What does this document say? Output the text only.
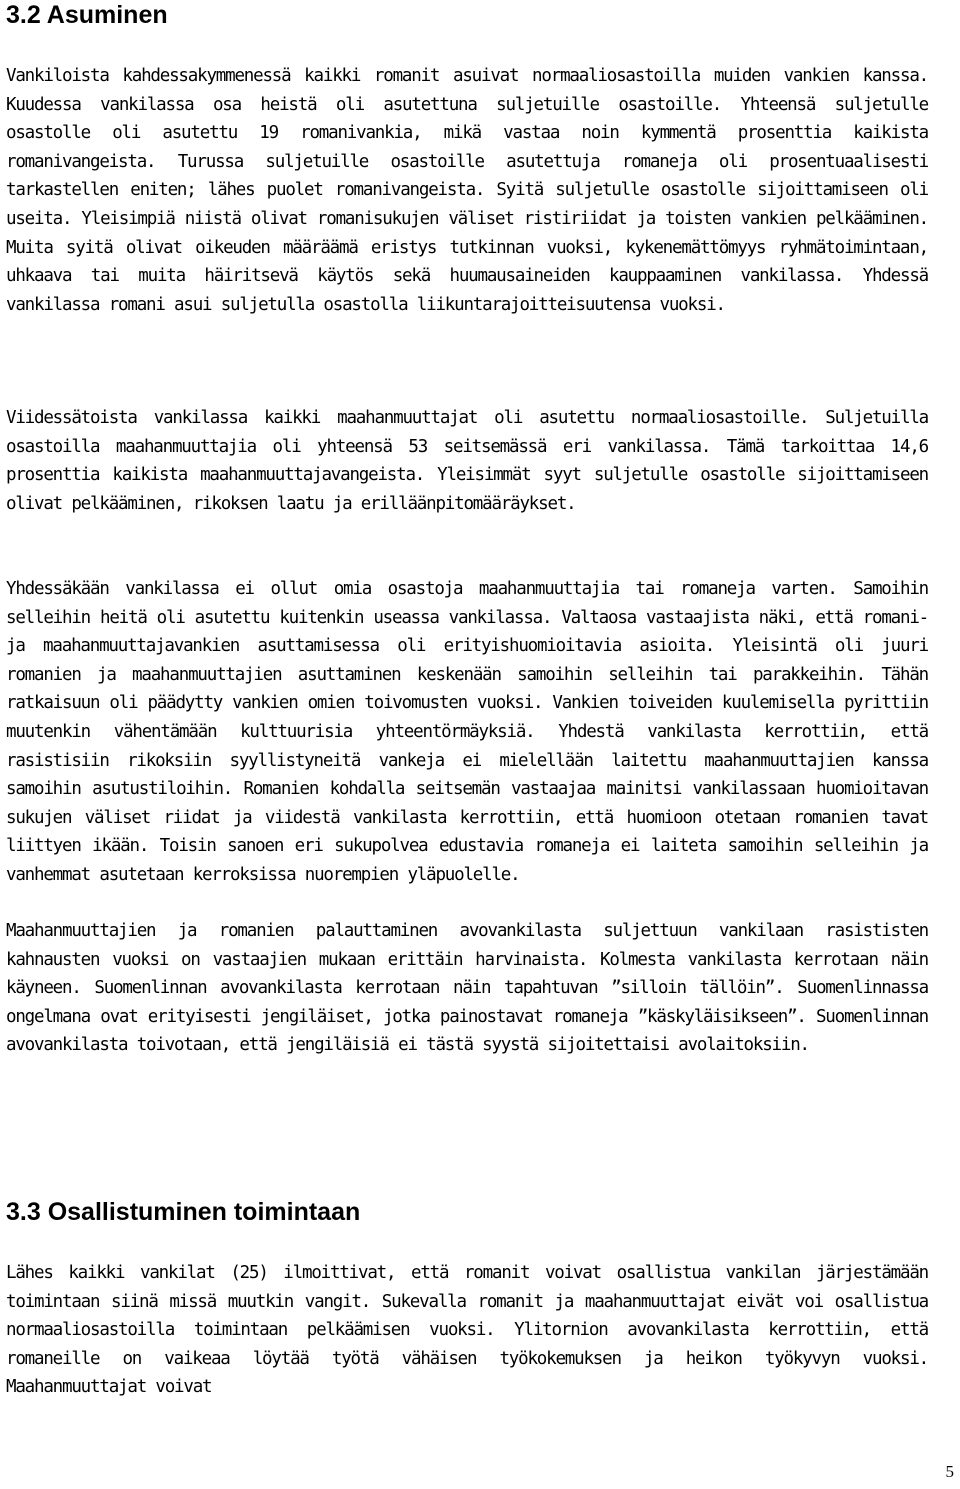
3.2 Asuminen

Vankiloista kahdessakymmenessä kaikki romanit asuivat normaaliosastoilla muiden vankien kanssa. Kuudessa vankilassa osa heistä oli asutettuna suljetuille osastoille. Yhteensä suljetulle osastolle oli asutettu 19 romanivankia, mikä vastaa noin kymmentä prosenttia kaikista romanivangeista. Turussa suljetuille osastoille asutettuja romaneja oli prosentuaalisesti tarkastellen eniten; lähes puolet romanivangeista. Syitä suljetulle osastolle sijoittamiseen oli useita. Yleisimpiä niistä olivat romanisukujen väliset ristiriidat ja toisten vankien pelkääminen. Muita syitä olivat oikeuden määräämä eristys tutkinnan vuoksi, kykenemättömyys ryhmätoimintaan, uhkaava tai muita häiritsevä käytös sekä huumausaineiden kauppaaminen vankilassa. Yhdessä vankilassa romani asui suljetulla osastolla liikuntarajoitteisuutensa vuoksi.

Viidessätoista vankilassa kaikki maahanmuuttajat oli asutettu normaaliosastoille. Suljetuilla osastoilla maahanmuuttajia oli yhteensä 53 seitsemässä eri vankilassa. Tämä tarkoittaa 14,6 prosenttia kaikista maahanmuuttajavangeista. Yleisimmät syyt suljetulle osastolle sijoittamiseen olivat pelkääminen, rikoksen laatu ja erilläänpitomääräykset.

Yhdessäkään vankilassa ei ollut omia osastoja maahanmuuttajia tai romaneja varten. Samoihin selleihin heitä oli asutettu kuitenkin useassa vankilassa. Valtaosa vastaajista näki, että romani- ja maahanmuuttajavankien asuttamisessa oli erityishuomioitavia asioita. Yleisintä oli juuri romanien ja maahanmuuttajien asuttaminen keskenään samoihin selleihin tai parakkeihin. Tähän ratkaisuun oli päädytty vankien omien toivomusten vuoksi. Vankien toiveiden kuulemisella pyrittiin muutenkin vähentämään kulttuurisia yhteentörmäyksiä. Yhdestä vankilasta kerrottiin, että rasistisiin rikoksiin syyllistyneitä vankeja ei mielellään laitettu maahanmuuttajien kanssa samoihin asutustiloihin. Romanien kohdalla seitsemän vastaajaa mainitsi vankilassaan huomioitavan sukujen väliset riidat ja viidestä vankilasta kerrottiin, että huomioon otetaan romanien tavat liittyen ikään. Toisin sanoen eri sukupolvea edustavia romaneja ei laiteta samoihin selleihin ja vanhemmat asutetaan kerroksissa nuorempien yläpuolelle.

Maahanmuuttajien ja romanien palauttaminen avovankilasta suljettuun vankilaan rasististen kahnausten vuoksi on vastaajien mukaan erittäin harvinaista. Kolmesta vankilasta kerrotaan näin käyneen. Suomenlinnan avovankilasta kerrotaan näin tapahtuvan ”silloin tällöin”. Suomenlinnassa ongelmana ovat erityisesti jengiläiset, jotka painostavat romaneja ”käskyläisikseen”. Suomenlinnan avovankilasta toivotaan, että jengiläisiä ei tästä syystä sijoitettaisi avolaitoksiin.

3.3 Osallistuminen toimintaan

Lähes kaikki vankilat (25) ilmoittivat, että romanit voivat osallistua vankilan järjestämään toimintaan siinä missä muutkin vangit. Sukevalla romanit ja maahanmuuttajat eivät voi osallistua normaaliosastoilla toimintaan pelkäämisen vuoksi. Ylitornion avovankilasta kerrottiin, että romaneille on vaikeaa löytää työtä vähäisen työkokemuksen ja heikon työkyvyn vuoksi. Maahanmuuttajat voivat

5
